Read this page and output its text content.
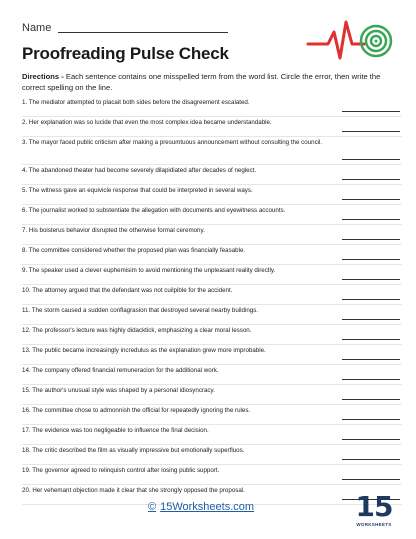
Name
Proofreading Pulse Check
Directions - Each sentence contains one misspelled term from the word list. Circle the error, then write the correct spelling on the line.
1. The mediator attempted to placait both sides before the disagreement escalated.
2. Her explanation was so lucide that even the most complex idea became understandable.
3. The mayor faced public criticism after making a presumtuous announcement without consulting the council.
4. The abandoned theater had become severely dilapidiated after decades of neglect.
5. The witness gave an equivicle response that could be interpreted in several ways.
6. The journalist worked to substentiate the allegation with documents and eyewitness accounts.
7. His boisterus behavior disrupted the otherwise formal ceremony.
8. The committee considered whether the proposed plan was financially feasable.
9. The speaker used a clever euphemisim to avoid mentioning the unpleasant reality directly.
10. The attorney argued that the defendant was not cuilpible for the accident.
11. The storm caused a sudden conflagrasion that destroyed several nearby buildings.
12. The professor's lecture was highly didacktick, emphasizing a clear moral lesson.
13. The public became increasingly incredulus as the explanation grew more improbable.
14. The company offered financial remuneracion for the additional work.
15. The author's unusual style was shaped by a personal idiosyncracy.
16. The committee chose to admonnish the official for repeatedly ignoring the rules.
17. The evidence was too negligeable to influence the final decision.
18. The critic described the film as visually impressive but emotionally superfluos.
19. The governor agreed to relinquish control after losing public support.
20. Her vehemant objection made it clear that she strongly opposed the proposal.
© 15Worksheets.com	15
WORKSHEETS
